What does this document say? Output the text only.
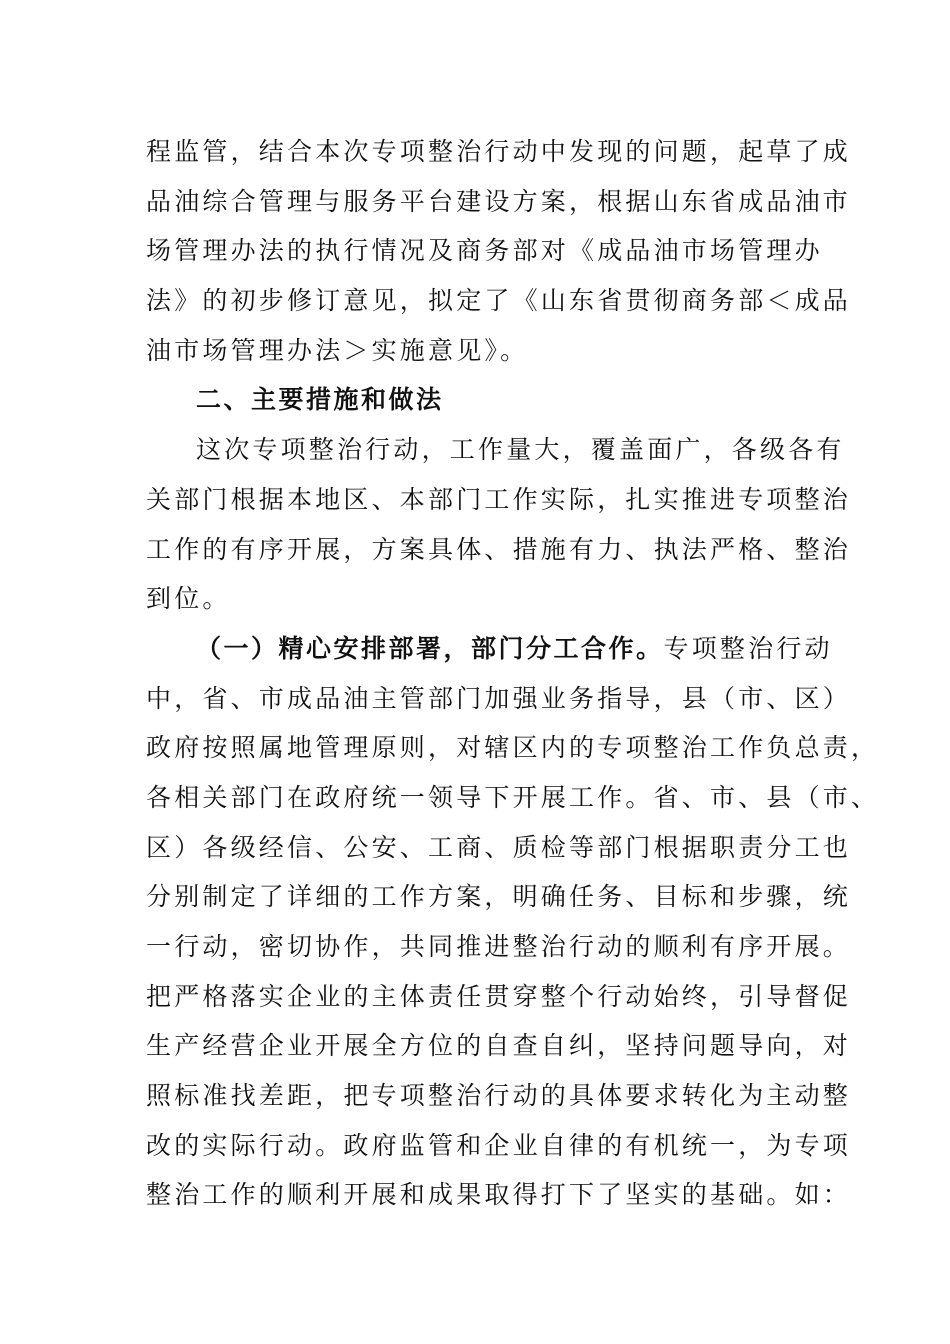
程监管，结合本次专项整治行动中发现的问题，起草了成
品油综合管理与服务平台建设方案，根据山东省成品油市
场管理办法的执行情况及商务部对《成品油市场管理办
法》的初步修订意见，拟定了《山东省贯彻商务部＜成品
油市场管理办法＞实施意见》。
二、主要措施和做法
这次专项整治行动，工作量大，覆盖面广，各级各有
关部门根据本地区、本部门工作实际，扎实推进专项整治
工作的有序开展，方案具体、措施有力、执法严格、整治
到位。
（一）精心安排部署，部门分工合作。专项整治行动
中，省、市成品油主管部门加强业务指导，县（市、区）
政府按照属地管理原则，对辖区内的专项整治工作负总责，
各相关部门在政府统一领导下开展工作。省、市、县（市、
区）各级经信、公安、工商、质检等部门根据职责分工也
分别制定了详细的工作方案，明确任务、目标和步骤，统
一行动，密切协作，共同推进整治行动的顺利有序开展。
把严格落实企业的主体责任贯穿整个行动始终，引导督促
生产经营企业开展全方位的自查自纠，坚持问题导向，对
照标准找差距，把专项整治行动的具体要求转化为主动整
改的实际行动。政府监管和企业自律的有机统一，为专项
整治工作的顺利开展和成果取得打下了坚实的基础。如：
